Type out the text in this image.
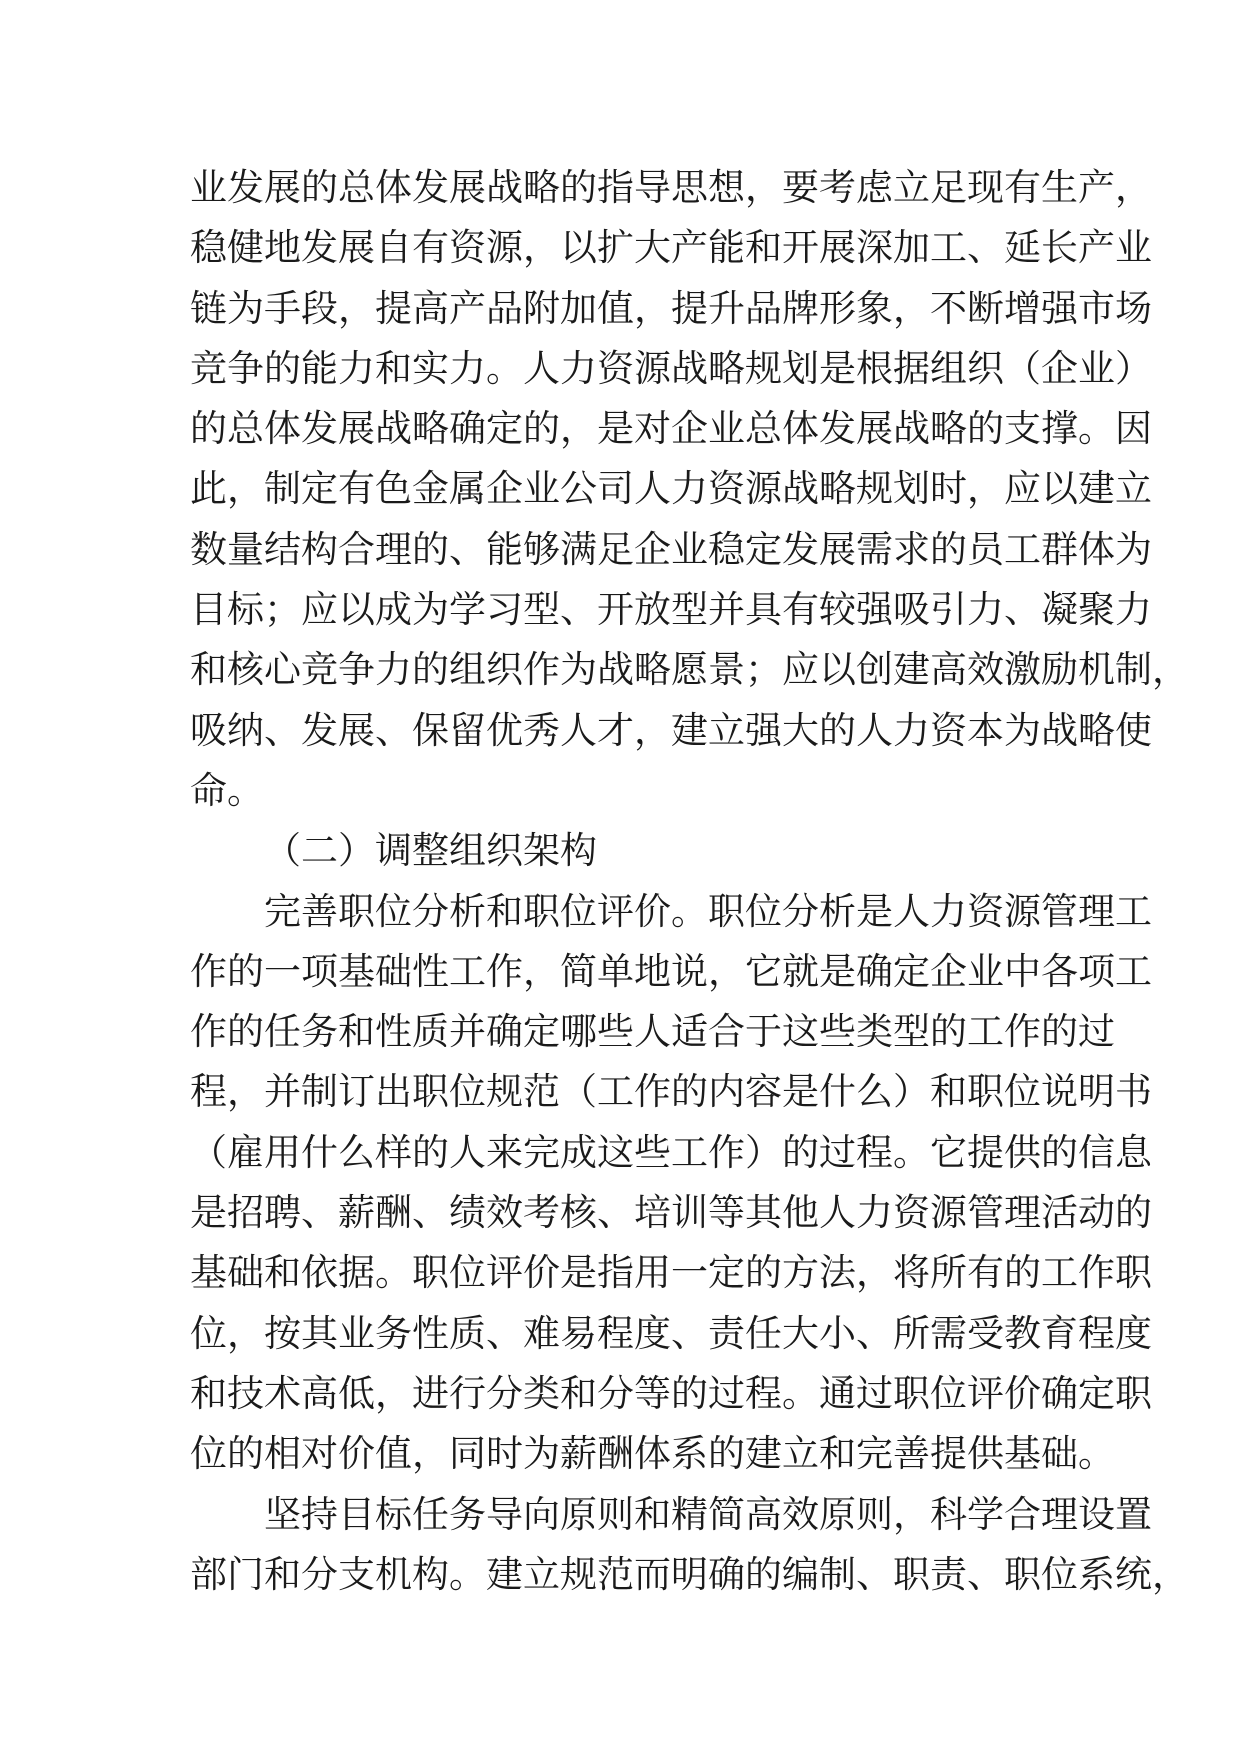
业发展的总体发展战略的指导思想，要考虑立足现有生产，
稳健地发展自有资源，以扩大产能和开展深加工、延长产业
链为手段，提高产品附加值，提升品牌形象，不断增强市场
竞争的能力和实力。人力资源战略规划是根据组织（企业）
的总体发展战略确定的，是对企业总体发展战略的支撑。因
此，制定有色金属企业公司人力资源战略规划时，应以建立
数量结构合理的、能够满足企业稳定发展需求的员工群体为
目标；应以成为学习型、开放型并具有较强吸引力、凝聚力
和核心竞争力的组织作为战略愿景；应以创建高效激励机制，
吸纳、发展、保留优秀人才，建立强大的人力资本为战略使
命。
（二）调整组织架构
完善职位分析和职位评价。职位分析是人力资源管理工
作的一项基础性工作，简单地说，它就是确定企业中各项工
作的任务和性质并确定哪些人适合于这些类型的工作的过
程，并制订出职位规范（工作的内容是什么）和职位说明书
（雇用什么样的人来完成这些工作）的过程。它提供的信息
是招聘、薪酬、绩效考核、培训等其他人力资源管理活动的
基础和依据。职位评价是指用一定的方法，将所有的工作职
位，按其业务性质、难易程度、责任大小、所需受教育程度
和技术高低，进行分类和分等的过程。通过职位评价确定职
位的相对价值，同时为薪酬体系的建立和完善提供基础。
坚持目标任务导向原则和精简高效原则，科学合理设置
部门和分支机构。建立规范而明确的编制、职责、职位系统，
